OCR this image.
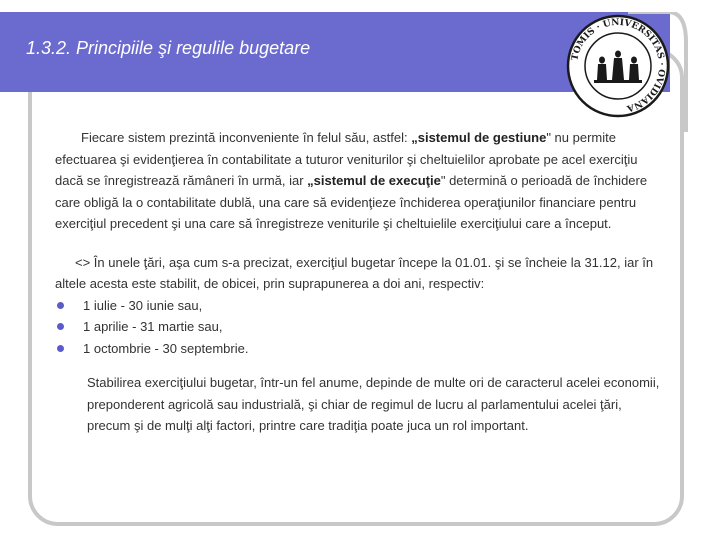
1.3.2. Principiile şi regulile bugetare	TOMIS · UNIVERSITAS · OVIDIANA

Fiecare sistem prezintă inconveniente în felul său, astfel: „sistemul de gestiune" nu permite efectuarea şi evidenţierea în contabilitate a tuturor veniturilor şi cheltuielilor aprobate pe acel exerciţiu dacă se înregistrează rămâneri în urmă, iar „sistemul de execuţie" determină o perioadă de închidere care obligă la o contabilitate dublă, una care să evidenţieze închiderea operaţiunilor financiare pentru exerciţiul precedent şi una care să înregistreze veniturile şi cheltuielile exerciţiului care a început.

<> În unele ţări, aşa cum s-a precizat, exerciţiul bugetar începe la 01.01. şi se încheie la 31.12, iar în altele acesta este stabilit, de obicei, prin suprapunerea a doi ani, respectiv:

1 iulie - 30 iunie sau,
1 aprilie - 31 martie sau,
1 octombrie - 30 septembrie.

Stabilirea exerciţiului bugetar, într-un fel anume, depinde de multe ori de caracterul acelei economii, preponderent agricolă sau industrială, şi chiar de regimul de lucru al parlamentului acelei ţări, precum şi de mulţi alţi factori, printre care tradiţia poate juca un rol important.
